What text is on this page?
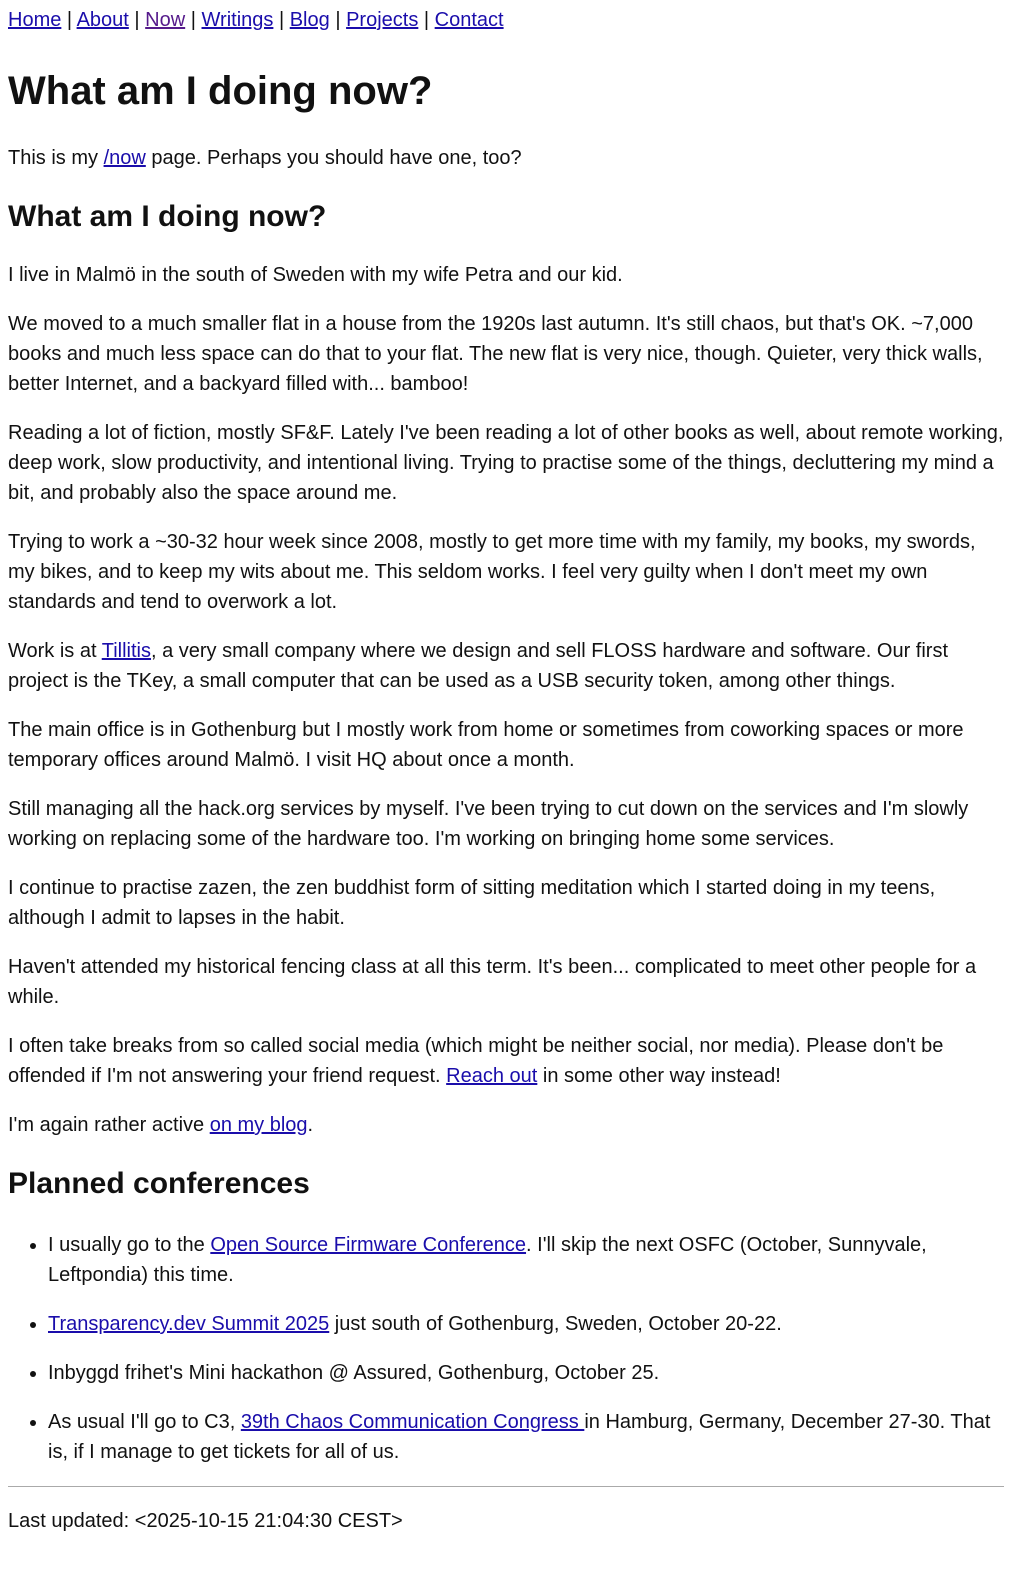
Home | About | Now | Writings | Blog | Projects | Contact
What am I doing now?

This is my /now page. Perhaps you should have one, too?

What am I doing now?

I live in Malmö in the south of Sweden with my wife Petra and our kid.

We moved to a much smaller flat in a house from the 1920s last autumn. It's still chaos, but that's OK. ~7,000 books and much less space can do that to your flat. The new flat is very nice, though. Quieter, very thick walls, better Internet, and a backyard filled with... bamboo!

Reading a lot of fiction, mostly SF&F. Lately I've been reading a lot of other books as well, about remote working, deep work, slow productivity, and intentional living. Trying to practise some of the things, decluttering my mind a bit, and probably also the space around me.

Trying to work a ~30-32 hour week since 2008, mostly to get more time with my family, my books, my swords, my bikes, and to keep my wits about me. This seldom works. I feel very guilty when I don't meet my own standards and tend to overwork a lot.

Work is at Tillitis, a very small company where we design and sell FLOSS hardware and software. Our first project is the TKey, a small computer that can be used as a USB security token, among other things.

The main office is in Gothenburg but I mostly work from home or sometimes from coworking spaces or more temporary offices around Malmö. I visit HQ about once a month.

Still managing all the hack.org services by myself. I've been trying to cut down on the services and I'm slowly working on replacing some of the hardware too. I'm working on bringing home some services.

I continue to practise zazen, the zen buddhist form of sitting meditation which I started doing in my teens, although I admit to lapses in the habit.

Haven't attended my historical fencing class at all this term. It's been... complicated to meet other people for a while.

I often take breaks from so called social media (which might be neither social, nor media). Please don't be offended if I'm not answering your friend request. Reach out in some other way instead!

I'm again rather active on my blog.

Planned conferences
• I usually go to the Open Source Firmware Conference. I'll skip the next OSFC (October, Sunnyvale, Leftpondia) this time.
• Transparency.dev Summit 2025 just south of Gothenburg, Sweden, October 20-22.
• Inbyggd frihet's Mini hackathon @ Assured, Gothenburg, October 25.
• As usual I'll go to C3, 39th Chaos Communication Congress in Hamburg, Germany, December 27-30. That is, if I manage to get tickets for all of us.

Last updated: <2025-10-15 21:04:30 CEST>
